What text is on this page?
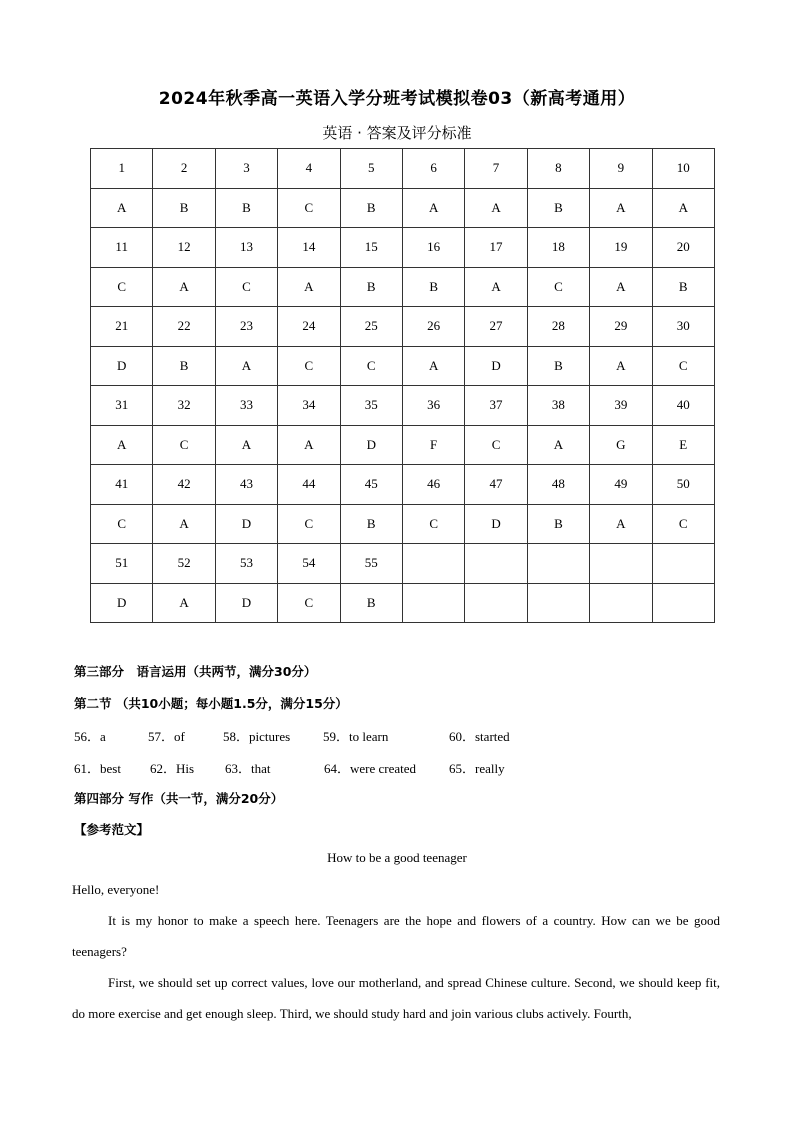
2024年秋季高一英语入学分班考试模拟卷03（新高考通用）
英语 · 答案及评分标准
1	2	3	4	5	6	7	8	9	10
A	B	B	C	B	A	A	B	A	A
11	12	13	14	15	16	17	18	19	20
C	A	C	A	B	B	A	C	A	B
21	22	23	24	25	26	27	28	29	30
D	B	A	C	C	A	D	B	A	C
31	32	33	34	35	36	37	38	39	40
A	C	A	A	D	F	C	A	G	E
41	42	43	44	45	46	47	48	49	50
C	A	D	C	B	C	D	B	A	C
51	52	53	54	55					
D	A	D	C	B					
第三部分　语言运用（共两节，满分30分）
第二节 （共10小题；每小题1.5分，满分15分）
56．a	57．of	58．pictures	59．to learn	60．started
61．best 62．His 63．that	64．were created	65．really
第四部分 写作（共一节，满分20分）
【参考范文】
How to be a good teenager

Hello, everyone!

It is my honor to make a speech here. Teenagers are the hope and flowers of a country. How can we be good teenagers?

First, we should set up correct values, love our motherland, and spread Chinese culture. Second, we should keep fit, do more exercise and get enough sleep. Third, we should study hard and join various clubs actively. Fourth,
